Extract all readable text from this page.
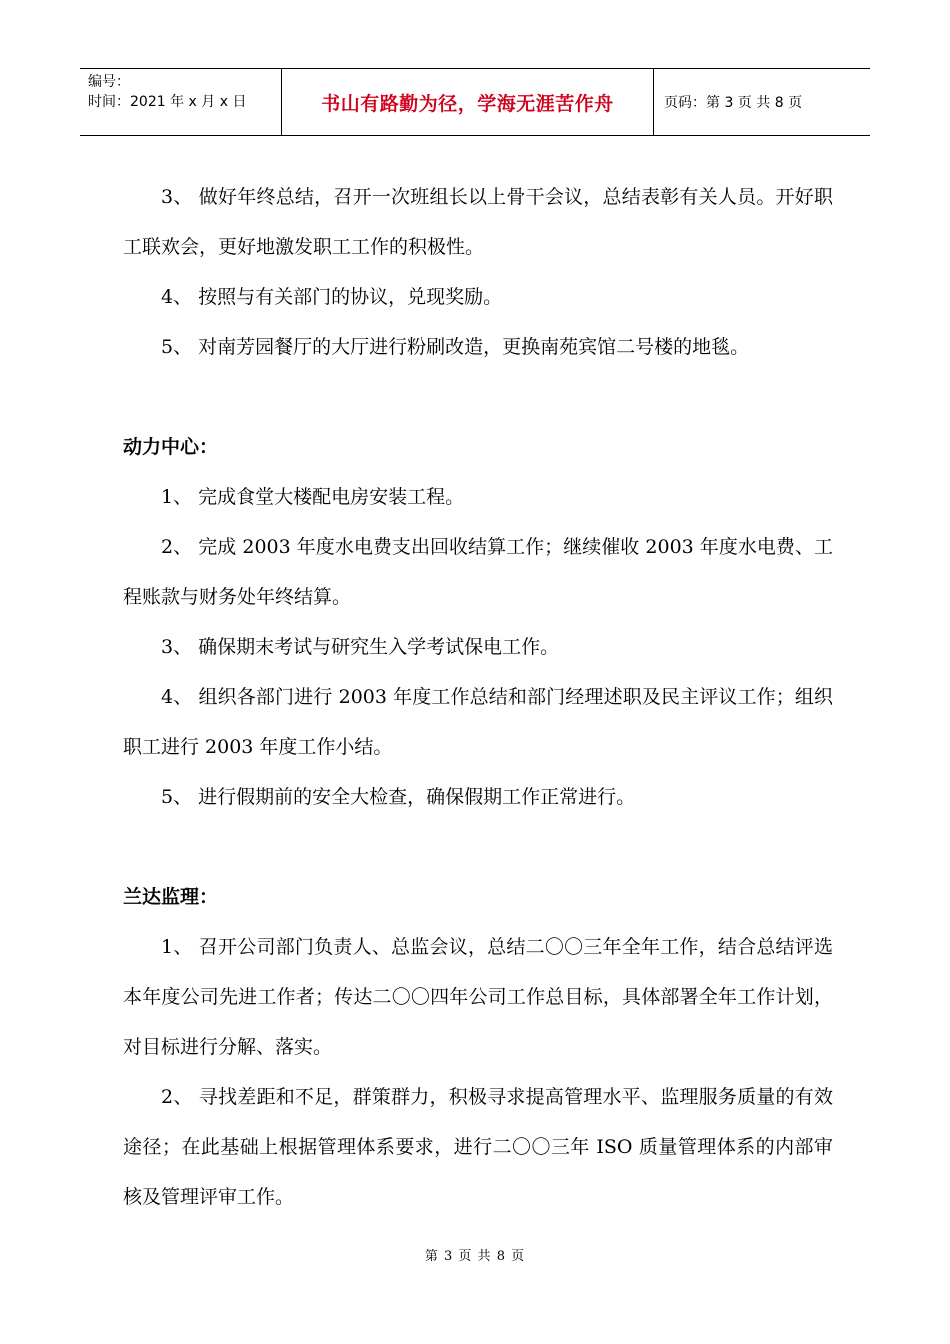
编号：
时间：2021 年 x 月 x 日	书山有路勤为径，学海无涯苦作舟	页码：第 3 页 共 8 页

3、 做好年终总结，召开一次班组长以上骨干会议，总结表彰有关人员。开好职工联欢会，更好地激发职工工作的积极性。

4、 按照与有关部门的协议，兑现奖励。

5、 对南芳园餐厅的大厅进行粉刷改造，更换南苑宾馆二号楼的地毯。

动力中心：

1、 完成食堂大楼配电房安装工程。

2、 完成 2003 年度水电费支出回收结算工作；继续催收 2003 年度水电费、工程账款与财务处年终结算。

3、 确保期末考试与研究生入学考试保电工作。

4、 组织各部门进行 2003 年度工作总结和部门经理述职及民主评议工作；组织职工进行 2003 年度工作小结。

5、 进行假期前的安全大检查，确保假期工作正常进行。

兰达监理：

1、 召开公司部门负责人、总监会议，总结二〇〇三年全年工作，结合总结评选本年度公司先进工作者；传达二〇〇四年公司工作总目标，具体部署全年工作计划，对目标进行分解、落实。

2、 寻找差距和不足，群策群力，积极寻求提高管理水平、监理服务质量的有效途径；在此基础上根据管理体系要求，进行二〇〇三年 ISO 质量管理体系的内部审核及管理评审工作。

第 3 页 共 8 页
